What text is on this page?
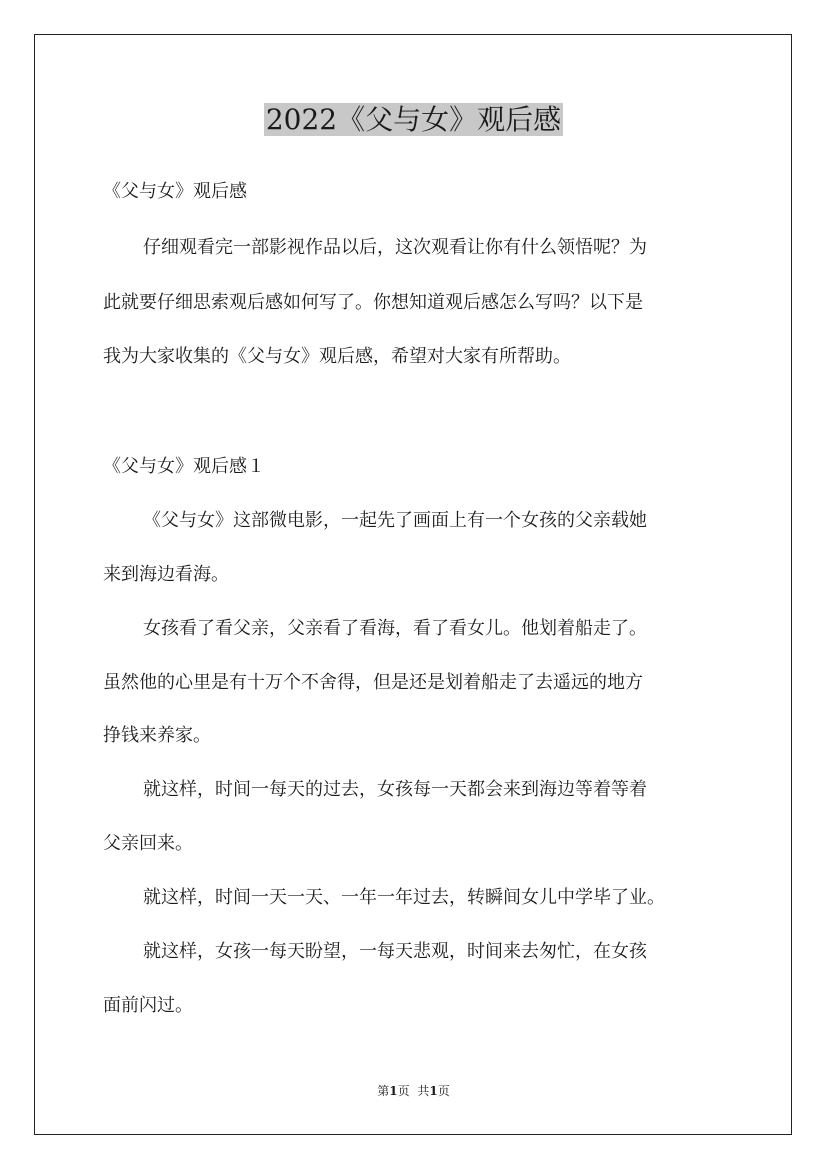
2022《父与女》观后感
《父与女》观后感
仔细观看完一部影视作品以后，这次观看让你有什么领悟呢？为
此就要仔细思索观后感如何写了。你想知道观后感怎么写吗？以下是
我为大家收集的《父与女》观后感，希望对大家有所帮助。
《父与女》观后感１
《父与女》这部微电影，一起先了画面上有一个女孩的父亲载她
来到海边看海。
女孩看了看父亲，父亲看了看海，看了看女儿。他划着船走了。
虽然他的心里是有十万个不舍得，但是还是划着船走了去遥远的地方
挣钱来养家。
就这样，时间一每天的过去，女孩每一天都会来到海边等着等着
父亲回来。
就这样，时间一天一天、一年一年过去，转瞬间女儿中学毕了业。
就这样，女孩一每天盼望，一每天悲观，时间来去匆忙，在女孩
面前闪过。
第1页 共1页
